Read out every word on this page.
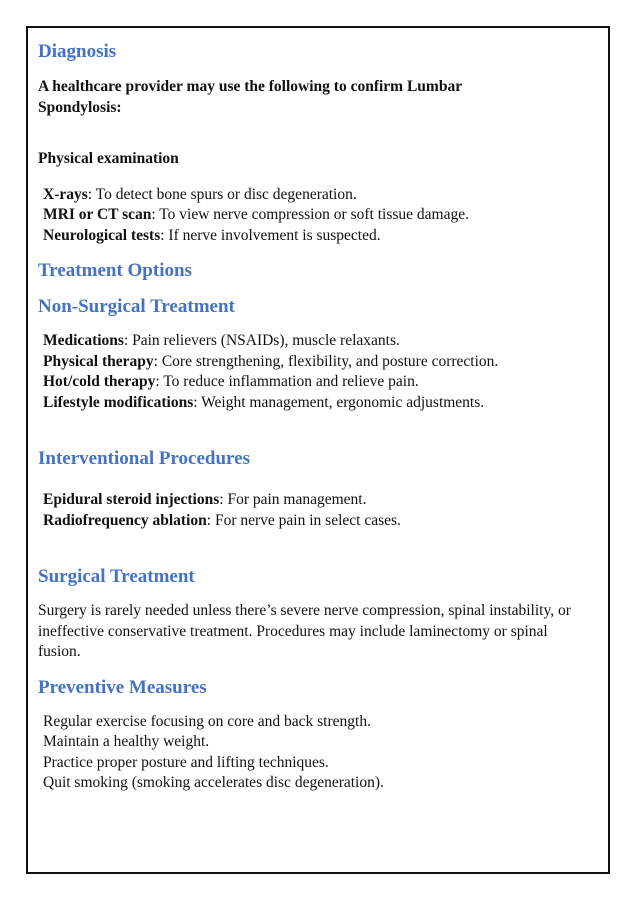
Diagnosis

A healthcare provider may use the following to confirm Lumbar Spondylosis:

Physical examination

X-rays: To detect bone spurs or disc degeneration.

MRI or CT scan: To view nerve compression or soft tissue damage.

Neurological tests: If nerve involvement is suspected.

Treatment Options
Non-Surgical Treatment

Medications: Pain relievers (NSAIDs), muscle relaxants.

Physical therapy: Core strengthening, flexibility, and posture correction.

Hot/cold therapy: To reduce inflammation and relieve pain.

Lifestyle modifications: Weight management, ergonomic adjustments.

Interventional Procedures

Epidural steroid injections: For pain management.

Radiofrequency ablation: For nerve pain in select cases.

Surgical Treatment

Surgery is rarely needed unless there’s severe nerve compression, spinal instability, or ineffective conservative treatment. Procedures may include laminectomy or spinal fusion.

Preventive Measures

Regular exercise focusing on core and back strength.

Maintain a healthy weight.

Practice proper posture and lifting techniques.

Quit smoking (smoking accelerates disc degeneration).
